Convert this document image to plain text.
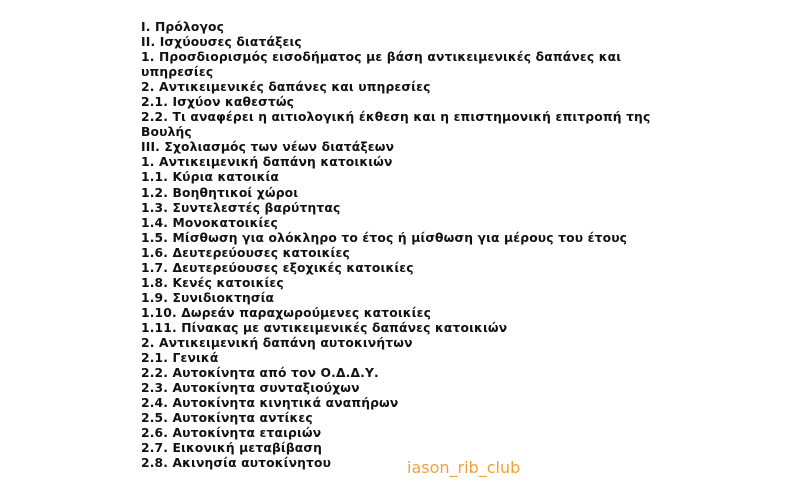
I. Πρόλογος
II. Ισχύουσες διατάξεις
1. Προσδιορισμός εισοδήματος με βάση αντικειμενικές δαπάνες και
υπηρεσίες
2. Αντικειμενικές δαπάνες και υπηρεσίες
2.1. Ισχύον καθεστώς
2.2. Τι αναφέρει η αιτιολογική έκθεση και η επιστημονική επιτροπή της
Βουλής
III. Σχολιασμός των νέων διατάξεων
1. Αντικειμενική δαπάνη κατοικιών
1.1. Κύρια κατοικία
1.2. Βοηθητικοί χώροι
1.3. Συντελεστές βαρύτητας
1.4. Μονοκατοικίες
1.5. Μίσθωση για ολόκληρο το έτος ή μίσθωση για μέρους του έτους
1.6. Δευτερεύουσες κατοικίες
1.7. Δευτερεύουσες εξοχικές κατοικίες
1.8. Κενές κατοικίες
1.9. Συνιδιοκτησία
1.10. Δωρεάν παραχωρούμενες κατοικίες
1.11. Πίνακας με αντικειμενικές δαπάνες κατοικιών
2. Αντικειμενική δαπάνη αυτοκινήτων
2.1. Γενικά
2.2. Αυτοκίνητα από τον Ο.Δ.Δ.Υ.
2.3. Αυτοκίνητα συνταξιούχων
2.4. Αυτοκίνητα κινητικά αναπήρων
2.5. Αυτοκίνητα αντίκες
2.6. Αυτοκίνητα εταιριών
2.7. Εικονική μεταβίβαση
2.8. Ακινησία αυτοκίνητου	iason_rib_club
